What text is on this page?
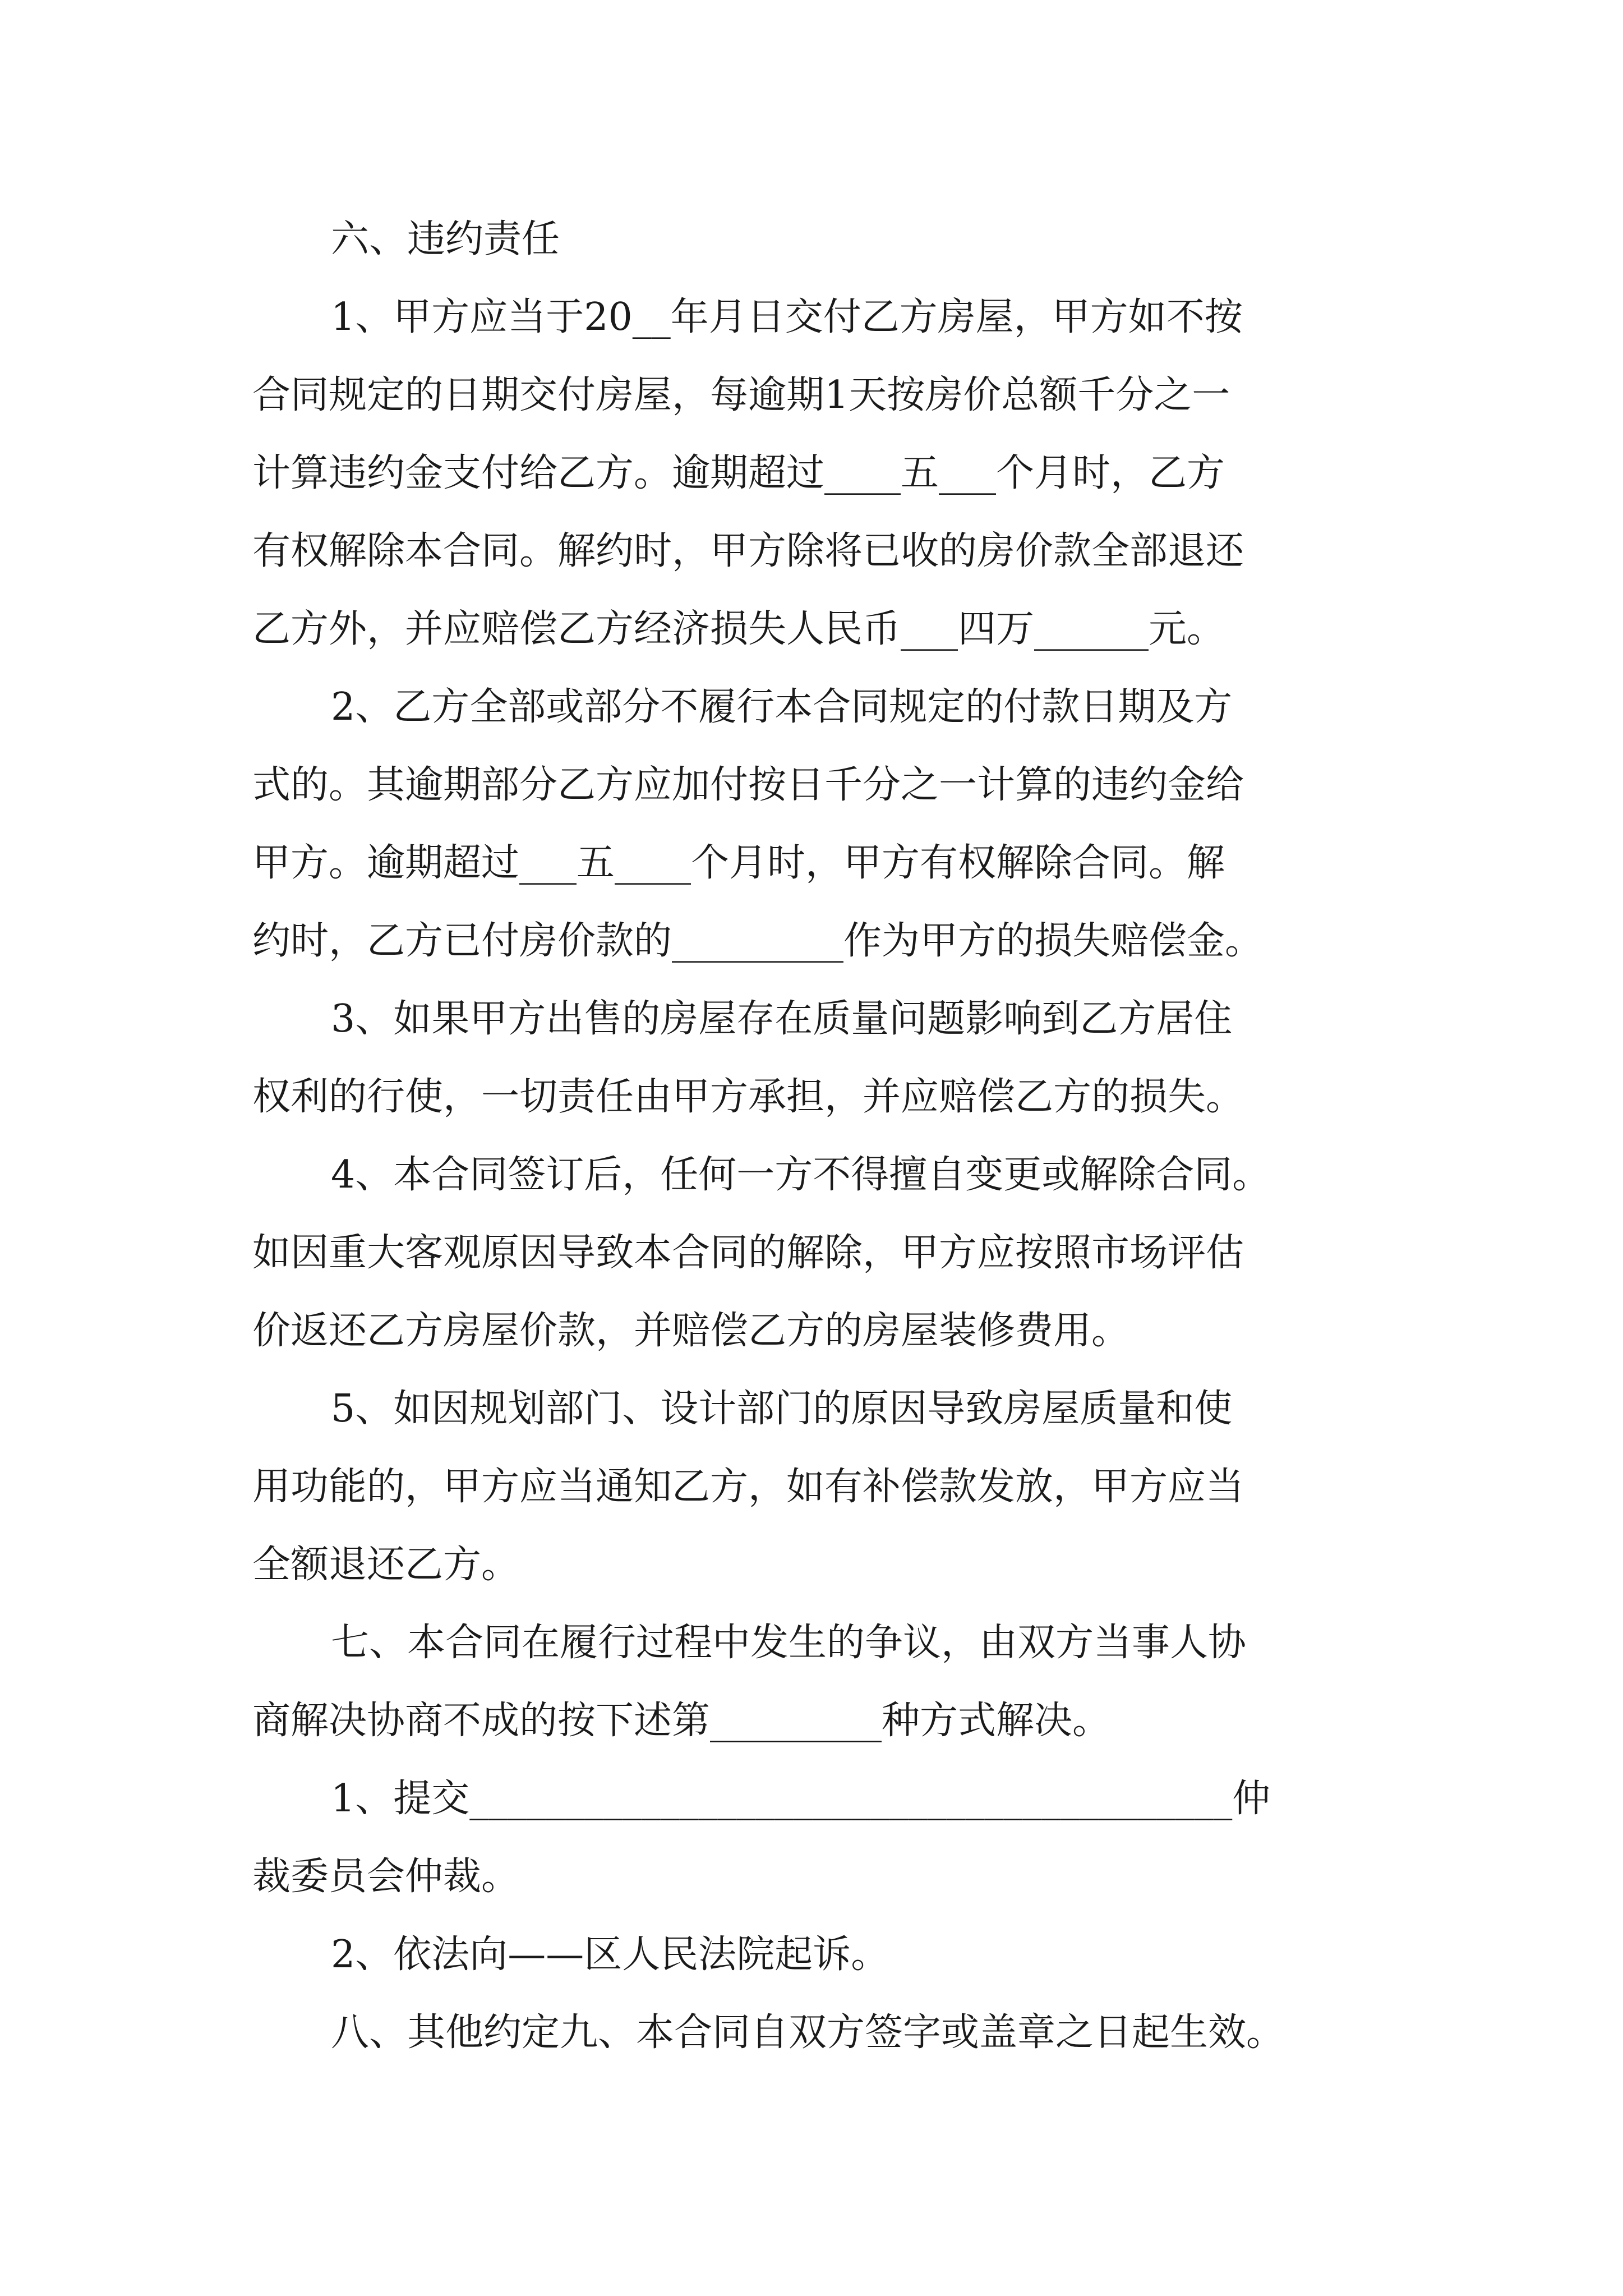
六、违约责任
1、甲方应当于20__年月日交付乙方房屋，甲方如不按
合同规定的日期交付房屋，每逾期1天按房价总额千分之一
计算违约金支付给乙方。逾期超过____五___个月时，乙方
有权解除本合同。解约时，甲方除将已收的房价款全部退还
乙方外，并应赔偿乙方经济损失人民币___四万______元。
2、乙方全部或部分不履行本合同规定的付款日期及方
式的。其逾期部分乙方应加付按日千分之一计算的违约金给
甲方。逾期超过___五____个月时，甲方有权解除合同。解
约时，乙方已付房价款的_________作为甲方的损失赔偿金。
3、如果甲方出售的房屋存在质量问题影响到乙方居住
权利的行使，一切责任由甲方承担，并应赔偿乙方的损失。
4、本合同签订后，任何一方不得擅自变更或解除合同。
如因重大客观原因导致本合同的解除，甲方应按照市场评估
价返还乙方房屋价款，并赔偿乙方的房屋装修费用。
5、如因规划部门、设计部门的原因导致房屋质量和使
用功能的，甲方应当通知乙方，如有补偿款发放，甲方应当
全额退还乙方。
七、本合同在履行过程中发生的争议，由双方当事人协
商解决协商不成的按下述第_________种方式解决。
1、提交________________________________________仲
裁委员会仲裁。
2、依法向——区人民法院起诉。
八、其他约定九、本合同自双方签字或盖章之日起生效。
